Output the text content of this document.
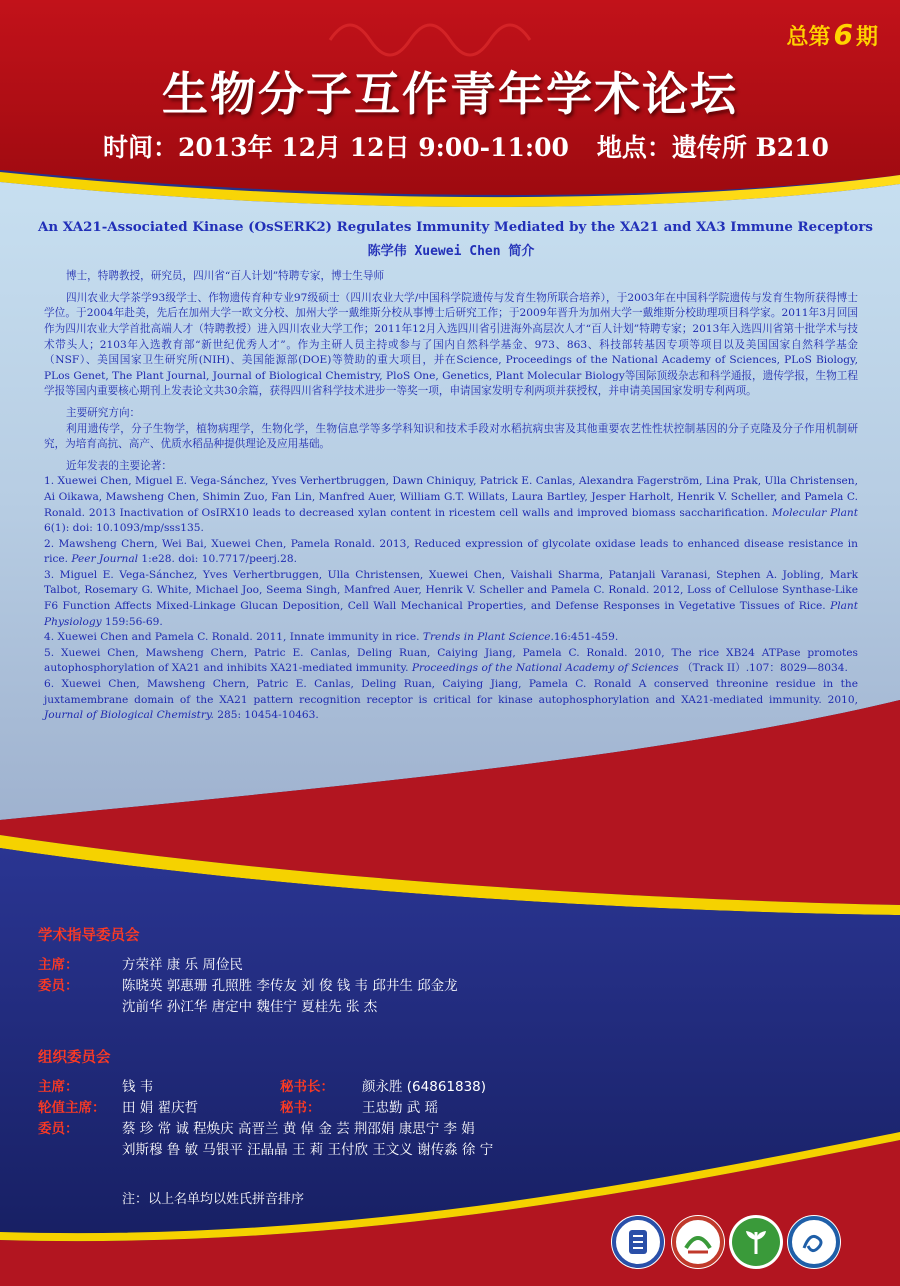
总第 6 期
生物分子互作青年学术论坛
时间：2013年 12月 12日 9:00-11:00 地点：遗传所 B210
An XA21-Associated Kinase (OsSERK2) Regulates Immunity Mediated by the XA21 and XA3 Immune Receptors
陈学伟 Xuewei Chen 简介
博士，特聘教授，研究员，四川省“百人计划”特聘专家，博士生导师
四川农业大学茶学93级学士、作物遗传育种专业97级硕士（四川农业大学/中国科学院遗传与发育生物所联合培养），于2003年在中国科学院遗传与发育生物所获得博士学位。于2004年赴美，先后在加州大学一欧文分校、加州大学一戴维斯分校从事博士后研究工作；于2009年晋升为加州大学一戴维斯分校助理项目科学家。2011年3月回国作为四川农业大学首批高端人才（特聘教授）进入四川农业大学工作；2011年12月入选四川省引进海外高层次人才“百人计划”特聘专家；2013年入选四川省第十批学术与技术带头人；2103年入选教育部“新世纪优秀人才”。作为主研人员主持或参与了国内自然科学基金、973、863、科技部转基因专项等项目以及美国国家自然科学基金（NSF）、美国国家卫生研究所(NIH)、美国能源部(DOE)等赞助的重大项目，并在Science, Proceedings of the National Academy of Sciences, PLoS Biology, PLos Genet, The Plant Journal, Journal of Biological Chemistry, PloS One, Genetics, Plant Molecular Biology等国际顶级杂志和科学通报，遗传学报，生物工程学报等国内重要核心期刊上发表论文共30余篇，获得四川省科学技术进步一等奖一项，申请国家发明专利两项并获授权，并申请美国国家发明专利两项。
主要研究方向：
利用遗传学，分子生物学，植物病理学，生物化学，生物信息学等多学科知识和技术手段对水稻抗病虫害及其他重要农艺性性状控制基因的分子克隆及分子作用机制研究，为培育高抗、高产、优质水稻品种提供理论及应用基础。
近年发表的主要论著：
1. Xuewei Chen, Miguel E. Vega-Sánchez, Yves Verhertbruggen, Dawn Chiniquy, Patrick E. Canlas, Alexandra Fagerström, Lina Prak, Ulla Christensen, Ai Oikawa, Mawsheng Chen, Shimin Zuo, Fan Lin, Manfred Auer, William G.T. Willats, Laura Bartley, Jesper Harholt, Henrik V. Scheller, and Pamela C. Ronald. 2013 Inactivation of OsIRX10 leads to decreased xylan content in ricestem cell walls and improved biomass saccharification. Molecular Plant 6(1): doi: 10.1093/mp/sss135.
2. Mawsheng Chern, Wei Bai, Xuewei Chen, Pamela Ronald. 2013, Reduced expression of glycolate oxidase leads to enhanced disease resistance in rice. Peer Journal 1:e28. doi: 10.7717/peerj.28.
3. Miguel E. Vega-Sánchez, Yves Verhertbruggen, Ulla Christensen, Xuewei Chen, Vaishali Sharma, Patanjali Varanasi, Stephen A. Jobling, Mark Talbot, Rosemary G. White, Michael Joo, Seema Singh, Manfred Auer, Henrik V. Scheller and Pamela C. Ronald. 2012, Loss of Cellulose Synthase-Like F6 Function Affects Mixed-Linkage Glucan Deposition, Cell Wall Mechanical Properties, and Defense Responses in Vegetative Tissues of Rice. Plant Physiology 159:56-69.
4. Xuewei Chen and Pamela C. Ronald. 2011, Innate immunity in rice. Trends in Plant Science.16:451-459.
5. Xuewei Chen, Mawsheng Chern, Patric E. Canlas, Deling Ruan, Caiying Jiang, Pamela C. Ronald. 2010, The rice XB24 ATPase promotes autophosphorylation of XA21 and inhibits XA21-mediated immunity. Proceedings of the National Academy of Sciences （Track II）.107：8029—8034.
6. Xuewei Chen, Mawsheng Chern, Patric E. Canlas, Deling Ruan, Caiying Jiang, Pamela C. Ronald A conserved threonine residue in the juxtamembrane domain of the XA21 pattern recognition receptor is critical for kinase autophosphorylation and XA21-mediated immunity. 2010, Journal of Biological Chemistry. 285: 10454-10463.
学术指导委员会
主席：	方荣祥 康 乐 周俭民
委员：	陈晓英 郭惠珊 孔照胜 李传友 刘 俊 钱 韦 邱井生 邱金龙
沈前华 孙江华 唐定中 魏佳宁 夏桂先 张 杰
组织委员会
主席：	钱 韦	秘书长： 颜永胜 (64861838)
轮值主席： 田 娟 翟庆哲	秘书：	王忠勤 武 瑶
委员：	蔡 珍 常 诚 程焕庆 高晋兰 黄 倬 金 芸 荆邵娟 康思宁 李 娟
刘斯穆 鲁 敏 马银平 汪晶晶 王 莉 王付欣 王文义 谢传淼 徐 宁
注：以上名单均以姓氏拼音排序
